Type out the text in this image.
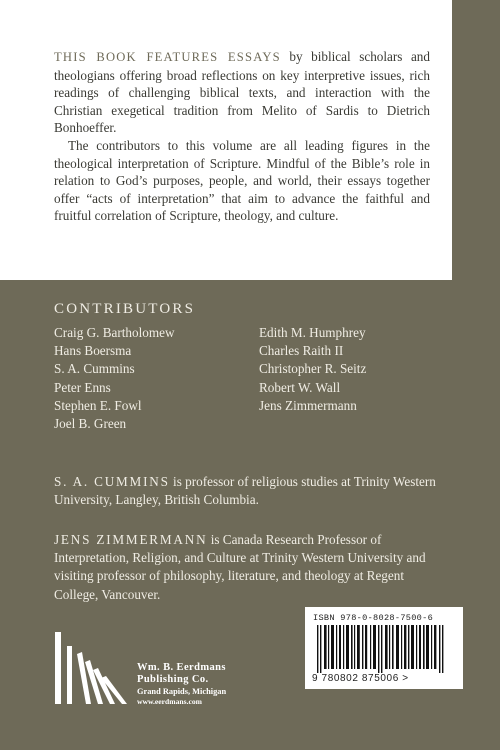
THIS BOOK FEATURES ESSAYS by biblical scholars and theologians offering broad reflections on key interpretive issues, rich readings of challenging biblical texts, and interaction with the Christian exegetical tradition from Melito of Sardis to Dietrich Bonhoeffer.

The contributors to this volume are all leading figures in the theological interpretation of Scripture. Mindful of the Bible’s role in relation to God’s purposes, people, and world, their essays together offer “acts of interpretation” that aim to advance the faithful and fruitful correlation of Scripture, theology, and culture.

CONTRIBUTORS
Craig G. Bartholomew
Hans Boersma
S. A. Cummins
Peter Enns
Stephen E. Fowl
Joel B. Green
Edith M. Humphrey
Charles Raith II
Christopher R. Seitz
Robert W. Wall
Jens Zimmermann
S. A. CUMMINS is professor of religious studies at Trinity Western University, Langley, British Columbia.
JENS ZIMMERMANN is Canada Research Professor of Interpretation, Religion, and Culture at Trinity Western University and visiting professor of philosophy, literature, and theology at Regent College, Vancouver.
ISBN 978-0-8028-7500-6
9 780802 875006 >
Wm. B. Eerdmans
Publishing Co.
Grand Rapids, Michigan
www.eerdmans.com
